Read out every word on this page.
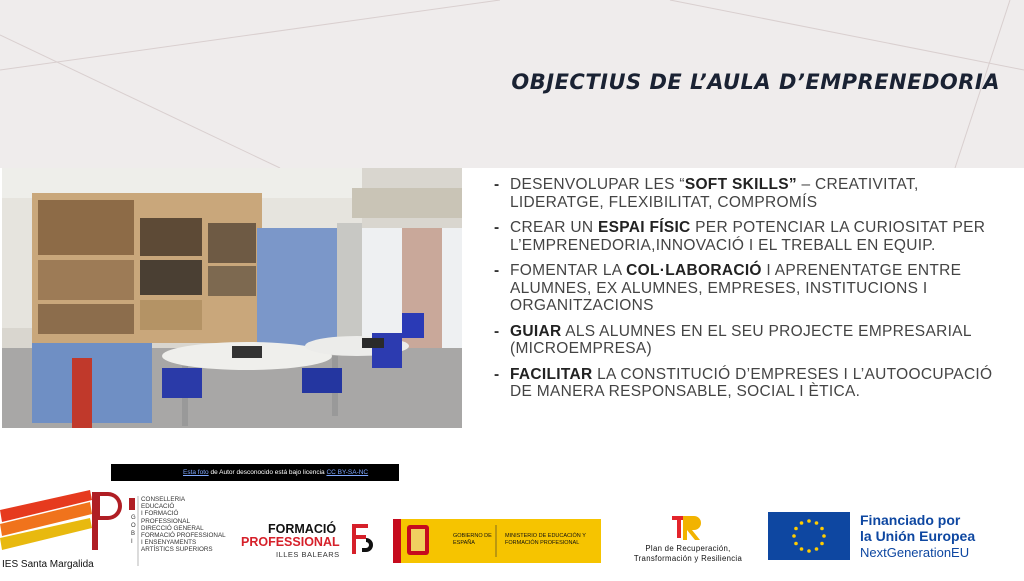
OBJECTIUS DE L’AULA D’EMPRENEDORIA
- DESENVOLUPAR LES “SOFT SKILLS” – CREATIVITAT, LIDERATGE, FLEXIBILITAT, COMPROMÍS
- CREAR UN ESPAI FÍSIC PER POTENCIAR LA CURIOSITAT PER L’EMPRENEDORIA,INNOVACIÓ I EL TREBALL EN EQUIP.
- FOMENTAR LA COL·LABORACIÓ I APRENENTATGE ENTRE ALUMNES, EX ALUMNES, EMPRESES, INSTITUCIONS I ORGANITZACIONS
- GUIAR ALS ALUMNES EN EL SEU PROJECTE EMPRESARIAL (MICROEMPRESA)
- FACILITAR LA CONSTITUCIÓ D’EMPRESES I L’AUTOOCUPACIÓ DE MANERA RESPONSABLE, SOCIAL I ÈTICA.
Esta foto de Autor desconocido está bajo licencia CC BY-SA-NC
IES Santa Margalida
G O B I
CONSELLERIA
EDUCACIÓ
I FORMACIÓ
PROFESSIONAL
DIRECCIÓ GENERAL
FORMACIÓ PROFESSIONAL
I ENSENYAMENTS
ARTÍSTICS SUPERIORS
FORMACIÓ
PROFESSIONAL
ILLES BALEARS
GOBIERNO DE ESPAÑA
MINISTERIO DE EDUCACIÓN Y FORMACIÓN PROFESIONAL
Plan de Recuperación,
Transformación y Resiliencia
Financiado por
la Unión Europea
NextGenerationEU
